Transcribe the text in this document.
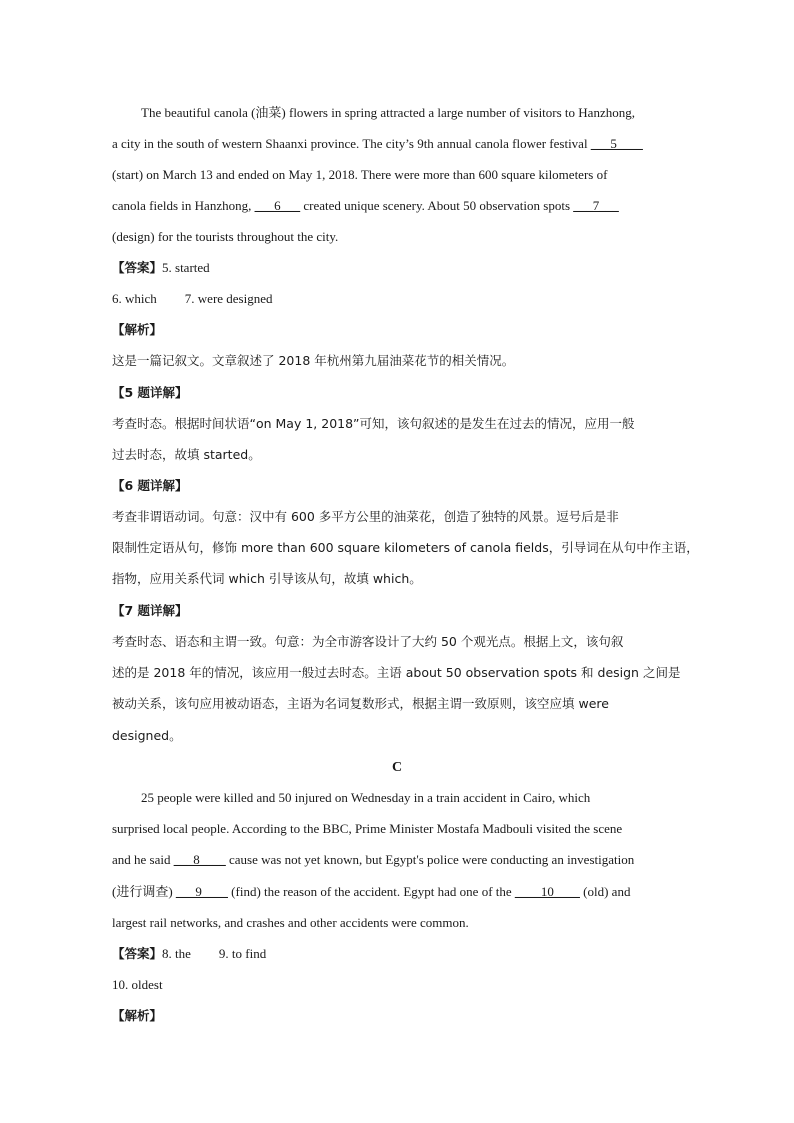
The beautiful canola (油菜) flowers in spring attracted a large number of visitors to Hanzhong,
a city in the south of western Shaanxi province. The city’s 9th annual canola flower festival ___5____
(start) on March 13 and ended on May 1, 2018. There were more than 600 square kilometers of
canola fields in Hanzhong, ___6___ created unique scenery. About 50 observation spots ___7___
(design) for the tourists throughout the city.
【答案】5. started
6. which 7. were designed
【解析】
这是一篇记叙文。文章叙述了 2018 年杭州第九届油菜花节的相关情况。
【5 题详解】
考查时态。根据时间状语“on May 1, 2018”可知，该句叙述的是发生在过去的情况，应用一般
过去时态，故填 started。
【6 题详解】
考查非谓语动词。句意：汉中有 600 多平方公里的油菜花，创造了独特的风景。逗号后是非
限制性定语从句，修饰 more than 600 square kilometers of canola fields，引导词在从句中作主语，
指物，应用关系代词 which 引导该从句，故填 which。
【7 题详解】
考查时态、语态和主谓一致。句意：为全市游客设计了大约 50 个观光点。根据上文，该句叙
述的是 2018 年的情况，该应用一般过去时态。主语 about 50 observation spots 和 design 之间是
被动关系，该句应用被动语态，主语为名词复数形式，根据主谓一致原则，该空应填 were
designed。
C
25 people were killed and 50 injured on Wednesday in a train accident in Cairo, which
surprised local people. According to the BBC, Prime Minister Mostafa Madbouli visited the scene
and he said ___8____ cause was not yet known, but Egypt's police were conducting an investigation
(进行调查) ___9____ (find) the reason of the accident. Egypt had one of the ____10____ (old) and
largest rail networks, and crashes and other accidents were common.
【答案】8. the 9. to find
10. oldest
【解析】
